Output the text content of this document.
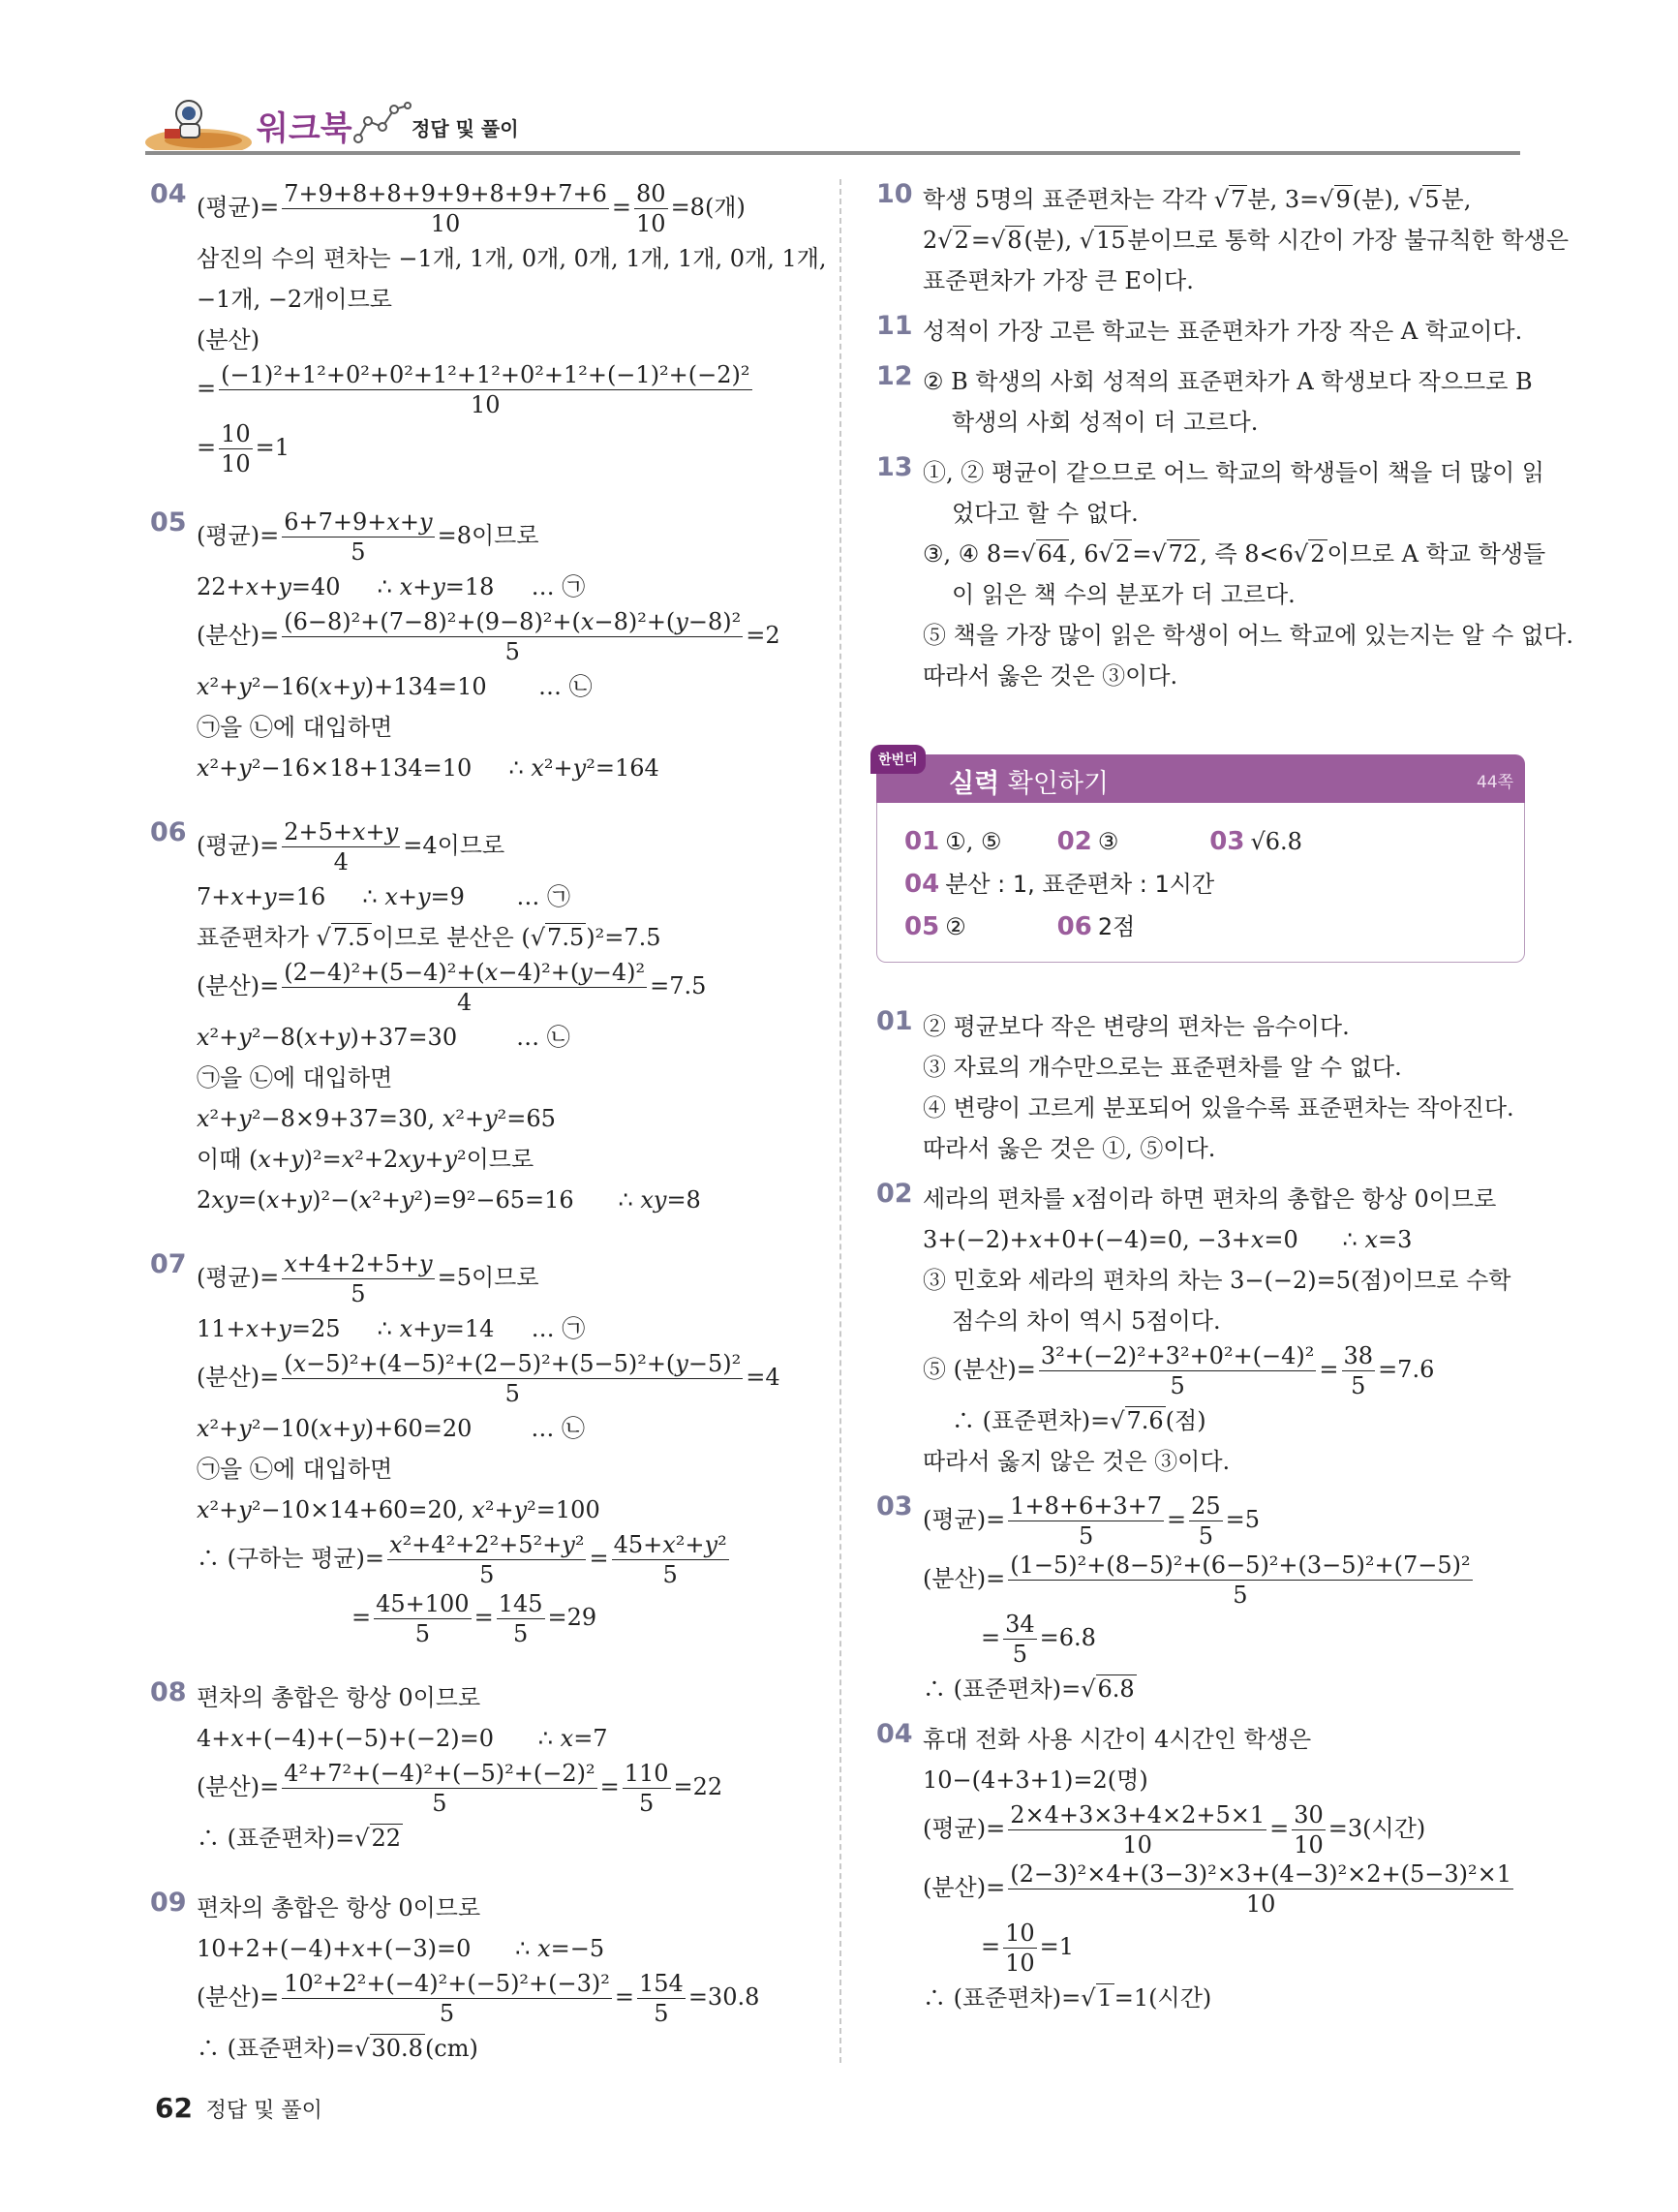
워크북	정답 및 풀이
04 (평균)= $\frac{7+9+8+8+9+9+8+9+7+6}{10} = \frac{80}{10} =8$(개)
삼진의 수의 편차는 −1개, 1개, 0개, 0개, 1개, 1개, 0개, 1개,
−1개, −2개이므로
(분산)
= $\frac{\text{(−1)²+1²+0²+0²+1²+1²+0²+1²+(−1)²+(−2)²}}{10}$
= $\frac{10}{10} =1$
05 (평균)= $\frac{6+7+9+x+y}{5} =8$이므로
22+x+y=40     ∴ x+y=18     … ㉠
(분산)= $\frac{\text{(6−8)²+(7−8)²+(9−8)²+(x−8)²+(y−8)²}}{5} =2$
x²+y²−16(x+y)+134=10       … ㉡
㉠을 ㉡에 대입하면
x²+y²−16×18+134=10     ∴ x²+y²=164
06 (평균)= $\frac{2+5+x+y}{4} =4$이므로
7+x+y=16     ∴ x+y=9       … ㉠
표준편차가 √7.5이므로 분산은 (√7.5)²=7.5
(분산)= $\frac{\text{(2−4)²+(5−4)²+(x−4)²+(y−4)²}}{4} =7.5$
x²+y²−8(x+y)+37=30        … ㉡
㉠을 ㉡에 대입하면
x²+y²−8×9+37=30, x²+y²=65
이때 (x+y)²=x²+2xy+y²이므로
2xy=(x+y)²−(x²+y²)=9²−65=16      ∴ xy=8
07 (평균)= $\frac{x+4+2+5+y}{5} =5$이므로
11+x+y=25     ∴ x+y=14     … ㉠
(분산)= $\frac{\text{(x−5)²+(4−5)²+(2−5)²+(5−5)²+(y−5)²}}{5} =4$
x²+y²−10(x+y)+60=20        … ㉡
㉠을 ㉡에 대입하면
x²+y²−10×14+60=20, x²+y²=100
∴ (구하는 평균)= $\frac{\text{x²+4²+2²+5²+y²}}{5} = \frac{\text{45+x²+y²}}{5}$
= $\frac{45+100}{5} = \frac{145}{5} =29$
08 편차의 총합은 항상 0이므로
4+x+(−4)+(−5)+(−2)=0      ∴ x=7
(분산)= $\frac{\text{4²+7²+(−4)²+(−5)²+(−2)²}}{5} = \frac{110}{5} =22$
∴ (표준편차)=√22
09 편차의 총합은 항상 0이므로
10+2+(−4)+x+(−3)=0      ∴ x=−5
(분산)= $\frac{\text{10²+2²+(−4)²+(−5)²+(−3)²}}{5} = \frac{154}{5} =30.8$
∴ (표준편차)=√30.8(cm)
10 학생 5명의 표준편차는 각각 √7분, 3=√9(분), √5분,
2√2=√8(분), √15분이므로 통학 시간이 가장 불규칙한 학생은
표준편차가 가장 큰 E이다.
11 성적이 가장 고른 학교는 표준편차가 가장 작은 A 학교이다.
12 ② B 학생의 사회 성적의 표준편차가 A 학생보다 작으므로 B
학생의 사회 성적이 더 고르다.
13 ①, ② 평균이 같으므로 어느 학교의 학생들이 책을 더 많이 읽
었다고 할 수 없다.
③, ④ 8=√64, 6√2=√72, 즉 8<6√2이므로 A 학교 학생들
이 읽은 책 수의 분포가 더 고르다.
⑤ 책을 가장 많이 읽은 학생이 어느 학교에 있는지는 알 수 없다.
따라서 옳은 것은 ③이다.
한번더
실력 확인하기	44쪽
01 ①, ⑤ 02 ③	03 √6.8
04 분산 : 1, 표준편차 : 1시간
05 ②	06 2점
01 ② 평균보다 작은 변량의 편차는 음수이다.
③ 자료의 개수만으로는 표준편차를 알 수 없다.
④ 변량이 고르게 분포되어 있을수록 표준편차는 작아진다.
따라서 옳은 것은 ①, ⑤이다.
02 세라의 편차를 x점이라 하면 편차의 총합은 항상 0이므로
3+(−2)+x+0+(−4)=0, −3+x=0      ∴ x=3
③ 민호와 세라의 편차의 차는 3−(−2)=5(점)이므로 수학
점수의 차이 역시 5점이다.
⑤ (분산)= $\frac{\text{3²+(−2)²+3²+0²+(−4)²}}{5} = \frac{38}{5} =7.6$
∴ (표준편차)=√7.6(점)
따라서 옳지 않은 것은 ③이다.
03 (평균)= $\frac{1+8+6+3+7}{5} = \frac{25}{5} =5$
(분산)= $\frac{\text{(1−5)²+(8−5)²+(6−5)²+(3−5)²+(7−5)²}}{5}$
= $\frac{34}{5} =6.8$
∴ (표준편차)=√6.8
04 휴대 전화 사용 시간이 4시간인 학생은
10−(4+3+1)=2(명)
(평균)= $\frac{2\times 4+3\times 3+4\times 2+5\times 1}{10} = \frac{30}{10} =3$(시간)
(분산)= $\frac{\text{(2−3)²×4+(3−3)²×3+(4−3)²×2+(5−3)²×1}}{10}$
= $\frac{10}{10} =1$
∴ (표준편차)=√1=1(시간)
62 정답 및 풀이
